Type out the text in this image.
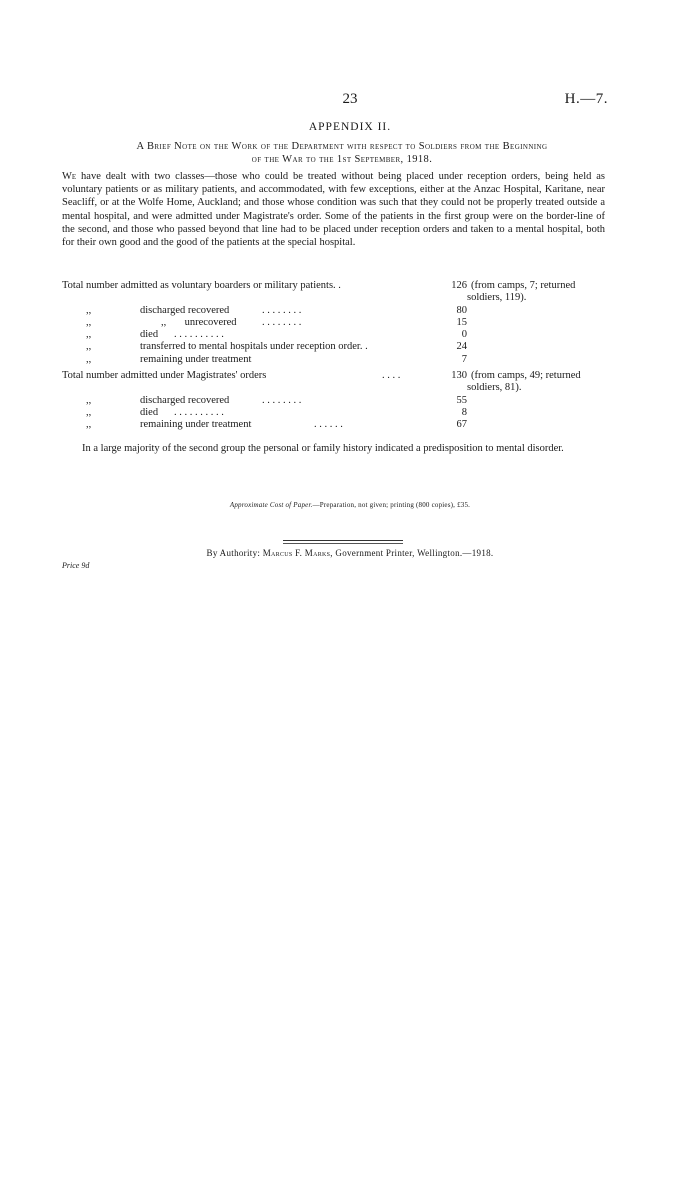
23	H.—7.
APPENDIX II.
A Brief Note on the Work of the Department with respect to Soldiers from the Beginning
of the War to the 1st September, 1918.
We have dealt with two classes—those who could be treated without being placed under reception orders, being held as voluntary patients or as military patients, and accommodated, with few exceptions, either at the Anzac Hospital, Karitane, near Seacliff, or at the Wolfe Home, Auckland; and those whose condition was such that they could not be properly treated outside a mental hospital, and were admitted under Magistrate's order. Some of the patients in the first group were on the border-line of the second, and those who passed beyond that line had to be placed under reception orders and taken to a mental hospital, both for their own good and the good of the patients at the special hospital.
Total number admitted as voluntary boarders or military patients. .	126 (from camps, 7; returned
soldiers, 119).
,,	discharged recovered	. . . . . . . .	80
,,	,,       unrecovered . . . . . . . .	15
,,	died . . . . . . . . . .	0
,,	transferred to mental hospitals under reception order. .	24
,,	remaining under treatment	7
Total number admitted under Magistrates' orders	. . . .	130 (from camps, 49; returned
soldiers, 81).
,,	discharged recovered	. . . . . . . .	55
,,	died . . . . . . . . . .	8
,,	remaining under treatment	. . . . . .	67
In a large majority of the second group the personal or family history indicated a predisposition to mental disorder.
Approximate Cost of Paper.—Preparation, not given; printing (800 copies), £35.
By Authority: Marcus F. Marks, Government Printer, Wellington.—1918.
Price 9d
